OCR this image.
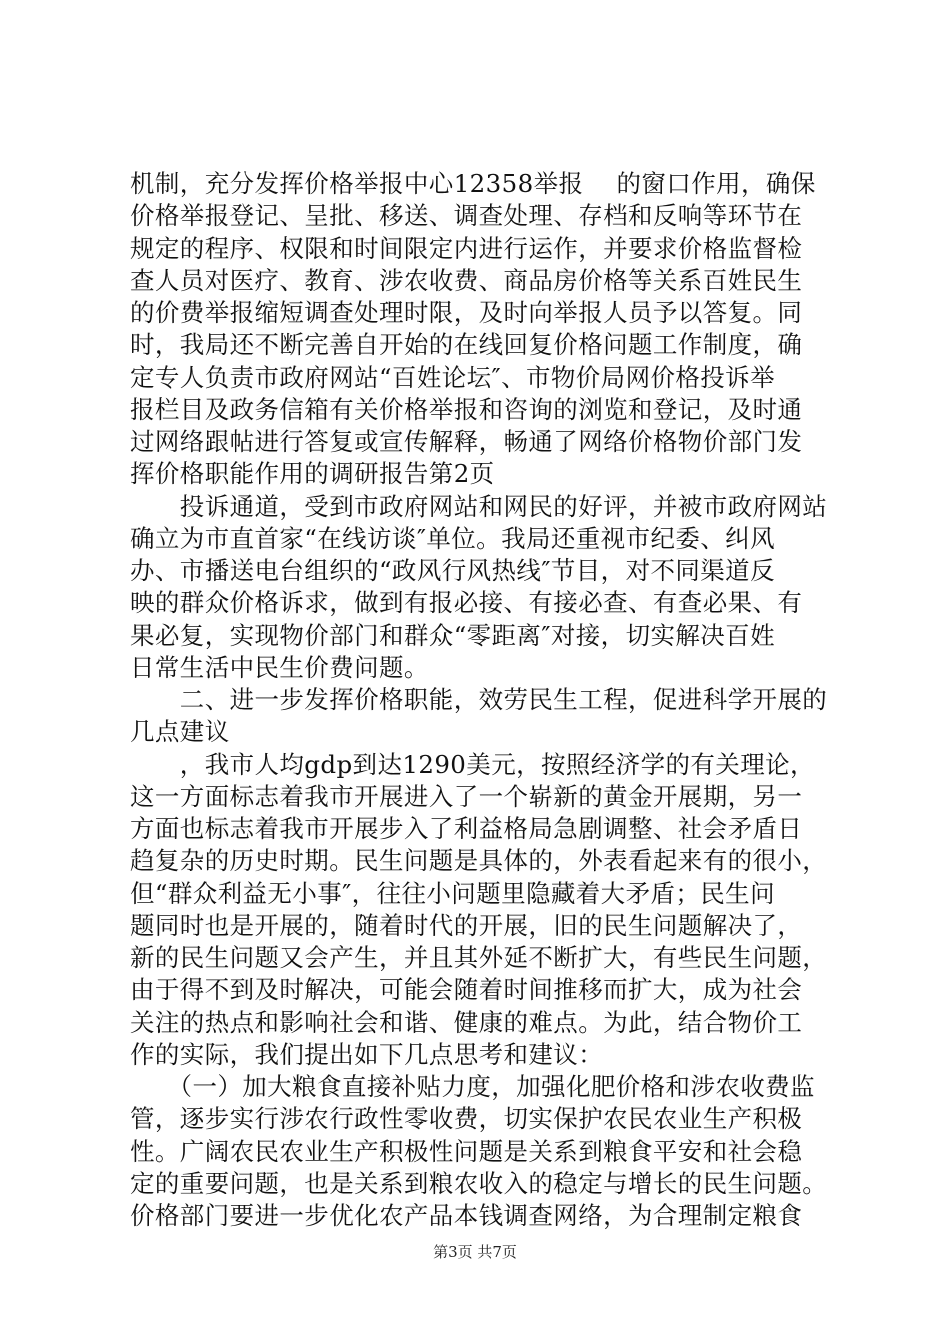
机制，充分发挥价格举报中心12358举报　 的窗口作用，确保
价格举报登记、呈批、移送、调查处理、存档和反响等环节在
规定的程序、权限和时间限定内进行运作，并要求价格监督检
查人员对医疗、教育、涉农收费、商品房价格等关系百姓民生
的价费举报缩短调查处理时限，及时向举报人员予以答复。同
时，我局还不断完善自开始的在线回复价格问题工作制度，确
定专人负责市政府网站“百姓论坛″、市物价局网价格投诉举
报栏目及政务信箱有关价格举报和咨询的浏览和登记，及时通
过网络跟帖进行答复或宣传解释，畅通了网络价格物价部门发
挥价格职能作用的调研报告第2页
　　投诉通道，受到市政府网站和网民的好评，并被市政府网站
确立为市直首家“在线访谈″单位。我局还重视市纪委、纠风
办、市播送电台组织的“政风行风热线″节目，对不同渠道反
映的群众价格诉求，做到有报必接、有接必查、有查必果、有
果必复，实现物价部门和群众“零距离″对接，切实解决百姓
日常生活中民生价费问题。
　　二、进一步发挥价格职能，效劳民生工程，促进科学开展的
几点建议
　　，我市人均gdp到达1290美元，按照经济学的有关理论，
这一方面标志着我市开展进入了一个崭新的黄金开展期，另一
方面也标志着我市开展步入了利益格局急剧调整、社会矛盾日
趋复杂的历史时期。民生问题是具体的，外表看起来有的很小，
但“群众利益无小事″，往往小问题里隐藏着大矛盾；民生问
题同时也是开展的，随着时代的开展，旧的民生问题解决了，
新的民生问题又会产生，并且其外延不断扩大，有些民生问题，
由于得不到及时解决，可能会随着时间推移而扩大，成为社会
关注的热点和影响社会和谐、健康的难点。为此，结合物价工
作的实际，我们提出如下几点思考和建议：
　　（一）加大粮食直接补贴力度，加强化肥价格和涉农收费监
管，逐步实行涉农行政性零收费，切实保护农民农业生产积极
性。广阔农民农业生产积极性问题是关系到粮食平安和社会稳
定的重要问题，也是关系到粮农收入的稳定与增长的民生问题。
价格部门要进一步优化农产品本钱调查网络，为合理制定粮食
第3页 共7页
